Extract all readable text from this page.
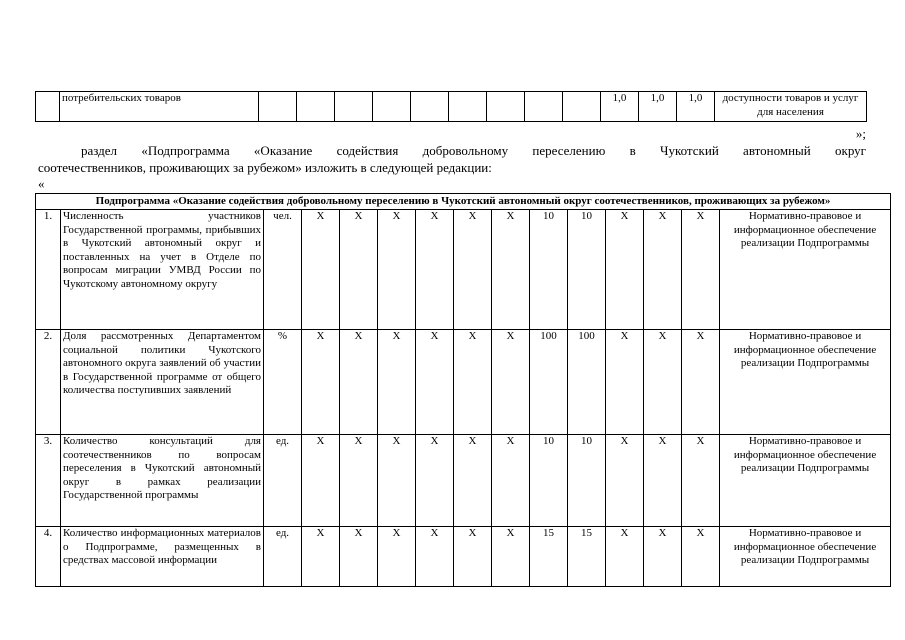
	потребительских товаров										1,0	1,0	1,0	доступности товаров и услуг для населения
»;
раздел «Подпрограмма «Оказание содействия добровольному переселению в Чукотский автономный округ
соотечественников, проживающих за рубежом» изложить в следующей редакции:
«
Подпрограмма «Оказание содействия добровольному переселению в Чукотский автономный округ соотечественников, проживающих за рубежом»														
1.	Численность участников Государственной программы, прибывших в Чукотский автономный округ и поставленных на учет в Отделе по вопросам миграции УМВД России по Чукотскому автономному округу	чел.	Х	Х	Х	Х	Х	Х	10	10	Х	Х	Х	Нормативно-правовое и информационное обеспечение реализации Подпрограммы
2.	Доля рассмотренных Департаментом социальной политики Чукотского автономного округа заявлений об участии в Государственной программе от общего количества поступивших заявлений	%	Х	Х	Х	Х	Х	Х	100	100	Х	Х	Х	Нормативно-правовое и информационное обеспечение реализации Подпрограммы
3.	Количество консультаций для соотечественников по вопросам переселения в Чукотский автономный округ в рамках реализации Государственной программы	ед.	Х	Х	Х	Х	Х	Х	10	10	Х	Х	Х	Нормативно-правовое и информационное обеспечение реализации Подпрограммы
4.	Количество информационных материалов о Подпрограмме, размещенных в средствах массовой информации	ед.	Х	Х	Х	Х	Х	Х	15	15	Х	Х	Х	Нормативно-правовое и информационное обеспечение реализации Подпрограммы
